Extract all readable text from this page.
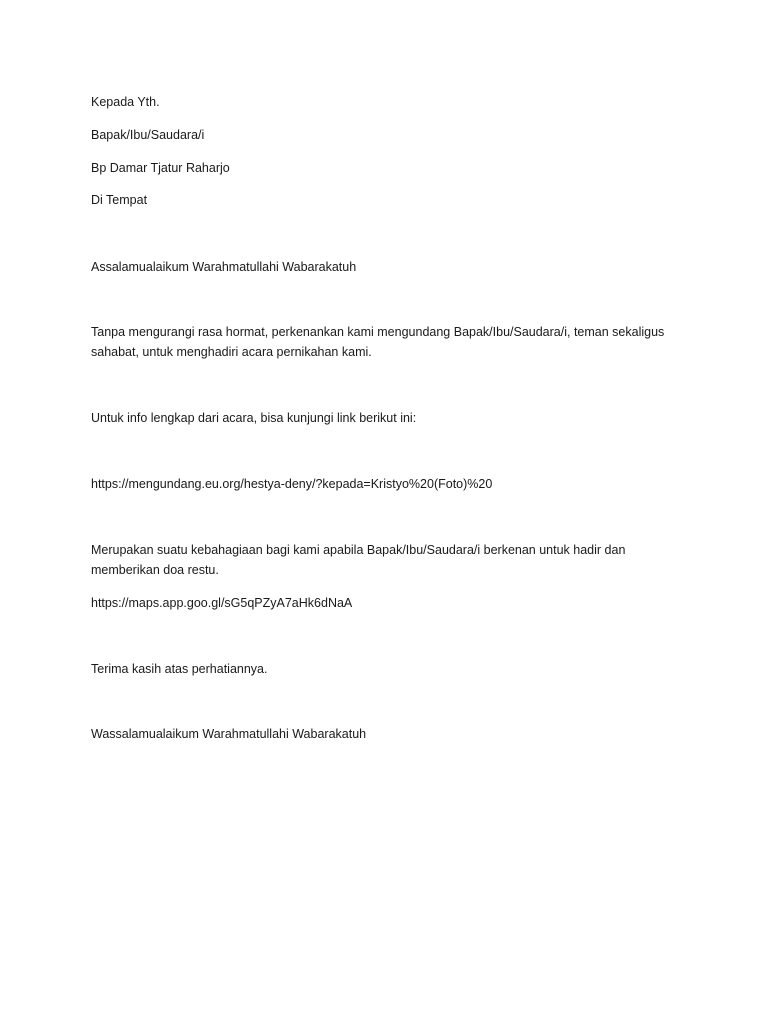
Kepada Yth.

Bapak/Ibu/Saudara/i

Bp Damar Tjatur Raharjo

Di Tempat

Assalamualaikum Warahmatullahi Wabarakatuh

Tanpa mengurangi rasa hormat, perkenankan kami mengundang Bapak/Ibu/Saudara/i, teman sekaligus sahabat, untuk menghadiri acara pernikahan kami.

Untuk info lengkap dari acara, bisa kunjungi link berikut ini:

https://mengundang.eu.org/hestya-deny/?kepada=Kristyo%20(Foto)%20

Merupakan suatu kebahagiaan bagi kami apabila Bapak/Ibu/Saudara/i berkenan untuk hadir dan memberikan doa restu.

https://maps.app.goo.gl/sG5qPZyA7aHk6dNaA

Terima kasih atas perhatiannya.

Wassalamualaikum Warahmatullahi Wabarakatuh
